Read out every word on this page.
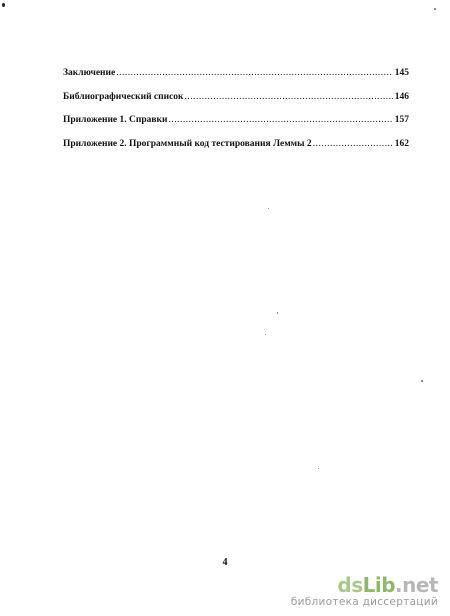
Заключение .....	145
Библиографический список .....	146
Приложение 1. Справки .....	157
Приложение 2. Программный код тестирования Леммы 2 .....	162
4
ds Lib .net
библиотека диссертаций
